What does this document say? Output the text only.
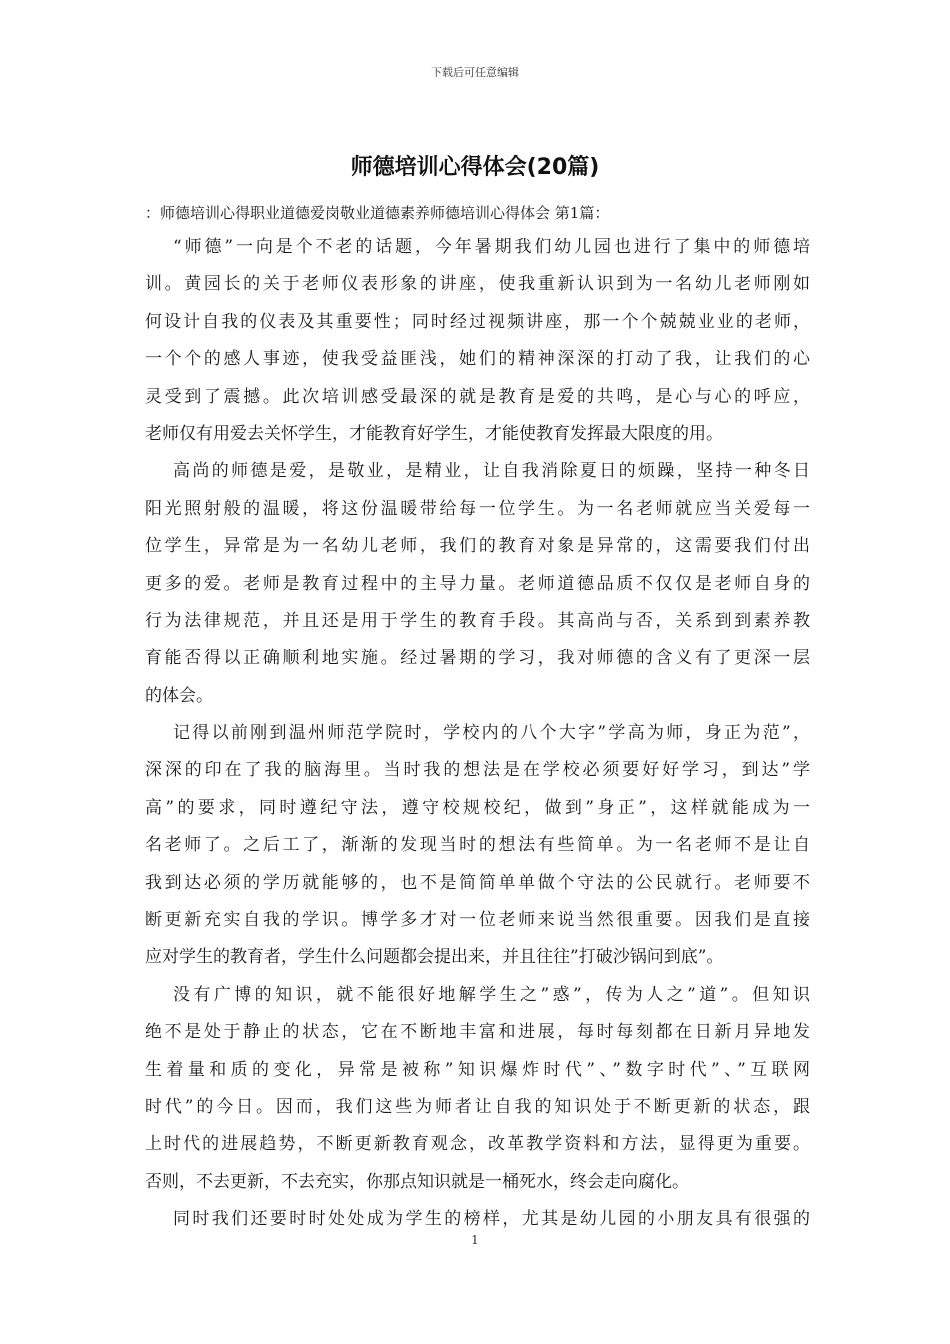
下载后可任意编辑
师德培训心得体会(20篇)
：师德培训心得职业道德爱岗敬业道德素养师德培训心得体会 第1篇：
“师德”一向是个不老的话题，今年暑期我们幼儿园也进行了集中的师德培
训。黄园长的关于老师仪表形象的讲座，使我重新认识到为一名幼儿老师刚如
何设计自我的仪表及其重要性；同时经过视频讲座，那一个个兢兢业业的老师，
一个个的感人事迹，使我受益匪浅，她们的精神深深的打动了我，让我们的心
灵受到了震撼。此次培训感受最深的就是教育是爱的共鸣，是心与心的呼应，
老师仅有用爱去关怀学生，才能教育好学生，才能使教育发挥最大限度的用。
高尚的师德是爱，是敬业，是精业，让自我消除夏日的烦躁，坚持一种冬日
阳光照射般的温暖，将这份温暖带给每一位学生。为一名老师就应当关爱每一
位学生，异常是为一名幼儿老师，我们的教育对象是异常的，这需要我们付出
更多的爱。老师是教育过程中的主导力量。老师道德品质不仅仅是老师自身的
行为法律规范，并且还是用于学生的教育手段。其高尚与否，关系到到素养教
育能否得以正确顺利地实施。经过暑期的学习，我对师德的含义有了更深一层
的体会。
记得以前刚到温州师范学院时，学校内的八个大字”学高为师，身正为范”，
深深的印在了我的脑海里。当时我的想法是在学校必须要好好学习，到达”学
高”的要求，同时遵纪守法，遵守校规校纪，做到”身正”，这样就能成为一
名老师了。之后工了，渐渐的发现当时的想法有些简单。为一名老师不是让自
我到达必须的学历就能够的，也不是简简单单做个守法的公民就行。老师要不
断更新充实自我的学识。博学多才对一位老师来说当然很重要。因我们是直接
应对学生的教育者，学生什么问题都会提出来，并且往往”打破沙锅问到底”。
没有广博的知识，就不能很好地解学生之”惑”，传为人之”道”。但知识
绝不是处于静止的状态，它在不断地丰富和进展，每时每刻都在日新月异地发
生着量和质的变化，异常是被称”知识爆炸时代”、”数字时代”、”互联网
时代”的今日。因而，我们这些为师者让自我的知识处于不断更新的状态，跟
上时代的进展趋势，不断更新教育观念，改革教学资料和方法，显得更为重要。
否则，不去更新，不去充实，你那点知识就是一桶死水，终会走向腐化。
同时我们还要时时处处成为学生的榜样，尤其是幼儿园的小朋友具有很强的
1
